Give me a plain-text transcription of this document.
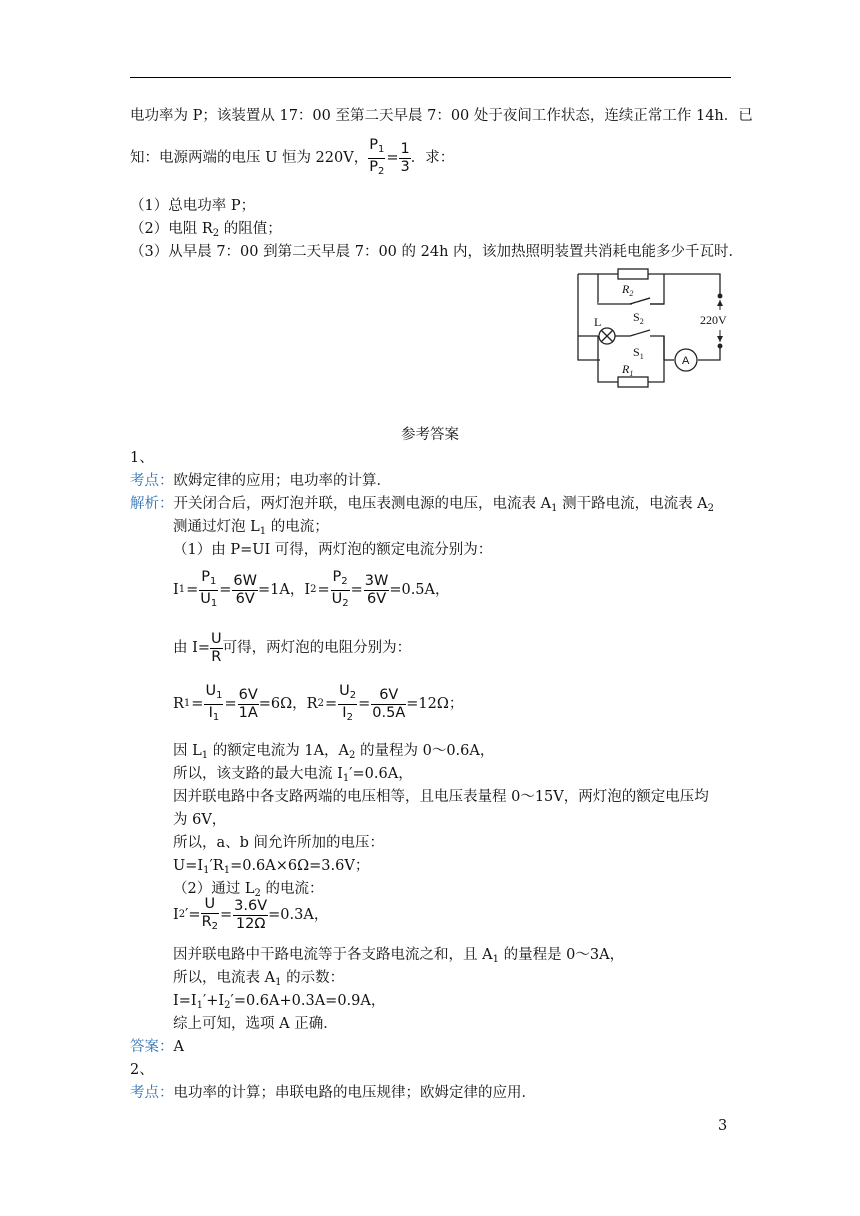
电功率为 P；该装置从 17：00 至第二天早晨 7：00 处于夜间工作状态，连续正常工作 14h．已
知：电源两端的电压 U 恒为 220V， $\frac{P_1}{P_2} = \frac{1}{3}$ ．求：
（1）总电功率 P；
（2）电阻 $R_2$ 的阻值；
（3）从早晨 7：00 到第二天早晨 7：00 的 24h 内，该加热照明装置共消耗电能多少千瓦时．
$R_2$
$S_2$
L
$S_1$
$R_1$
A
220V
参考答案
1、
考点：欧姆定律的应用；电功率的计算．
解析：开关闭合后，两灯泡并联，电压表测电源的电压，电流表 $A_1$ 测干路电流，电流表 $A_2$
测通过灯泡 $L_1$ 的电流；
（1）由 P=UI 可得，两灯泡的额定电流分别为：
I $1 = \frac{P_1}{U_1} = \frac{6W}{6V} =1A$， I $2 = \frac{P_2}{U_2} = \frac{3W}{6V} =0.5A$，
由 $I= \frac{U}{R}$ 可得，两灯泡的电阻分别为：
R $1 = \frac{U_1}{I_1} = \frac{6V}{1A} =6\Omega$， R $2 = \frac{U_2}{I_2} = \frac{6V}{0.5A} =12\Omega$；
因 $L_1$ 的额定电流为 1A，$A_2$ 的量程为 0～0.6A，
所以，该支路的最大电流 $I_1'=0.6A$，
因并联电路中各支路两端的电压相等，且电压表量程 0～15V，两灯泡的额定电压均
为 6V，
所以，a、b 间允许所加的电压：
$U=I_1'R_1=0.6A\times 6\Omega=3.6V$；
（2）通过 $L_2$ 的电流：
I 2 ′= $\frac{U}{R_2} = \frac{3.6V}{12\Omega} =0.3A$，
因并联电路中干路电流等于各支路电流之和，且 $A_1$ 的量程是 0～3A，
所以，电流表 $A_1$ 的示数：
$I=I_1'+I_2'=0.6A+0.3A=0.9A$，
综上可知，选项 A 正确．
答案：A
2、
考点：电功率的计算；串联电路的电压规律；欧姆定律的应用．
3
